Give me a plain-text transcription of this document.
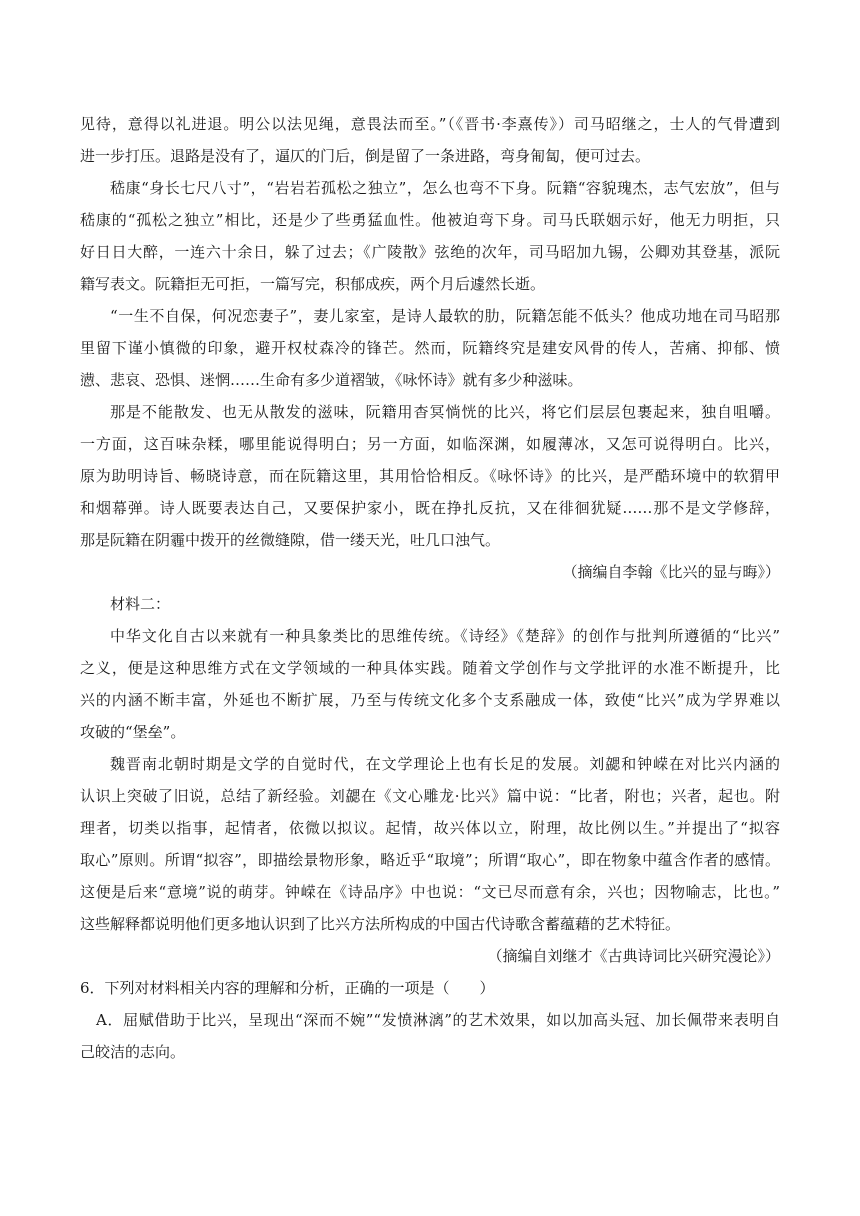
见待，意得以礼进退。明公以法见绳，意畏法而至。”（《晋书·李熹传》）司马昭继之，士人的气骨遭到
进一步打压。退路是没有了，逼仄的门后，倒是留了一条进路，弯身匍匐，便可过去。
嵇康“身长七尺八寸”，“岩岩若孤松之独立”，怎么也弯不下身。阮籍“容貌瑰杰，志气宏放”，但与
嵇康的“孤松之独立”相比，还是少了些勇猛血性。他被迫弯下身。司马氏联姻示好，他无力明拒，只
好日日大醉，一连六十余日，躲了过去；《广陵散》弦绝的次年，司马昭加九锡，公卿劝其登基，派阮
籍写表文。阮籍拒无可拒，一篇写完，积郁成疾，两个月后遽然长逝。
“一生不自保，何况恋妻子”，妻儿家室，是诗人最软的肋，阮籍怎能不低头？他成功地在司马昭那
里留下谨小慎微的印象，避开权杖森冷的锋芒。然而，阮籍终究是建安风骨的传人，苦痛、抑郁、愤
懑、悲哀、恐惧、迷惘……生命有多少道褶皱，《咏怀诗》就有多少种滋味。
那是不能散发、也无从散发的滋味，阮籍用杳冥惝恍的比兴，将它们层层包裹起来，独自咀嚼。
一方面，这百味杂糅，哪里能说得明白；另一方面，如临深渊，如履薄冰，又怎可说得明白。比兴，
原为助明诗旨、畅晓诗意，而在阮籍这里，其用恰恰相反。《咏怀诗》的比兴，是严酷环境中的软猬甲
和烟幕弹。诗人既要表达自己，又要保护家小，既在挣扎反抗，又在徘徊犹疑……那不是文学修辞，
那是阮籍在阴霾中拨开的丝微缝隙，借一缕天光，吐几口浊气。
（摘编自李翰《比兴的显与晦》）
材料二：
中华文化自古以来就有一种具象类比的思维传统。《诗经》《楚辞》的创作与批判所遵循的“比兴”
之义，便是这种思维方式在文学领域的一种具体实践。随着文学创作与文学批评的水准不断提升，比
兴的内涵不断丰富，外延也不断扩展，乃至与传统文化多个支系融成一体，致使“比兴”成为学界难以
攻破的“堡垒”。
魏晋南北朝时期是文学的自觉时代，在文学理论上也有长足的发展。刘勰和钟嵘在对比兴内涵的
认识上突破了旧说，总结了新经验。刘勰在《文心雕龙·比兴》篇中说：“比者，附也；兴者，起也。附
理者，切类以指事，起情者，依微以拟议。起情，故兴体以立，附理，故比例以生。”并提出了“拟容
取心”原则。所谓“拟容”，即描绘景物形象，略近乎“取境”；所谓“取心”，即在物象中蕴含作者的感情。
这便是后来“意境”说的萌芽。钟嵘在《诗品序》中也说：“文已尽而意有余，兴也；因物喻志，比也。”
这些解释都说明他们更多地认识到了比兴方法所构成的中国古代诗歌含蓄蕴藉的艺术特征。
（摘编自刘继才《古典诗词比兴研究漫论》）
6．下列对材料相关内容的理解和分析，正确的一项是（　　）
A．屈赋借助于比兴，呈现出“深而不婉”“发愤淋漓”的艺术效果，如以加高头冠、加长佩带来表明自
己皎洁的志向。
